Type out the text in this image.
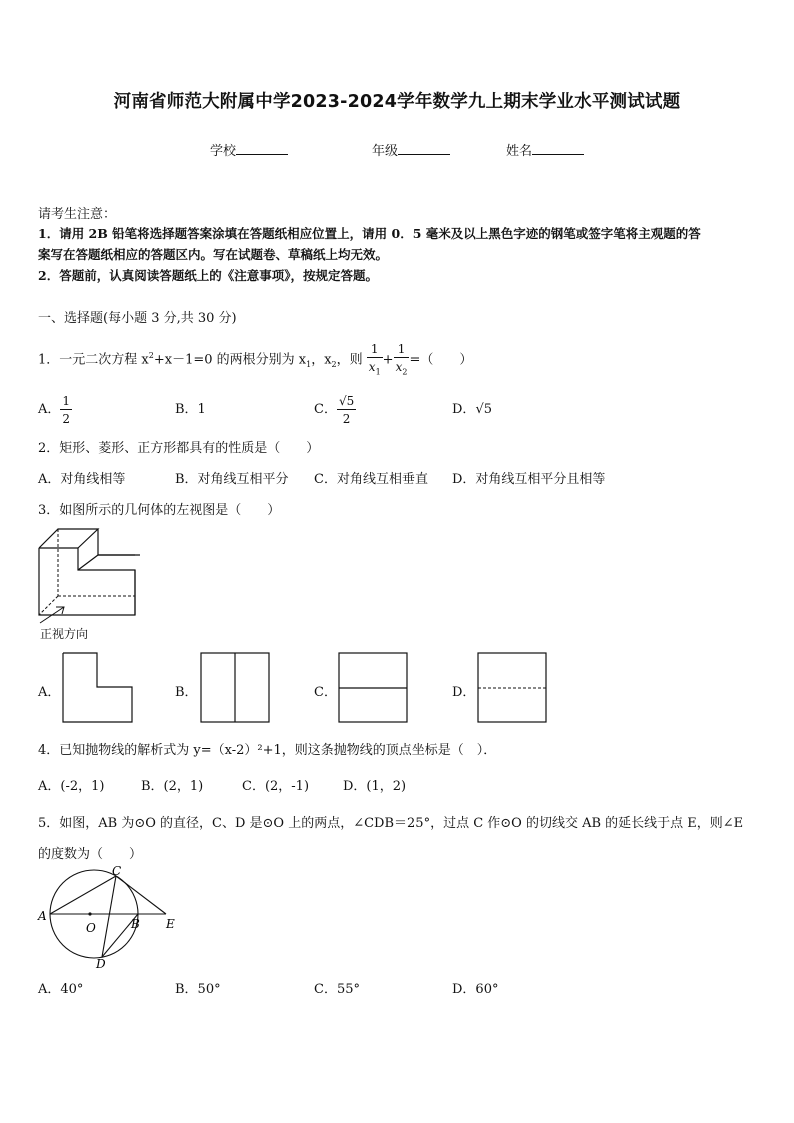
河南省师范大附属中学2023-2024学年数学九上期末学业水平测试试题
学校	年级	姓名
请考生注意：
1．请用 2B 铅笔将选择题答案涂填在答题纸相应位置上，请用 0．5 毫米及以上黑色字迹的钢笔或签字笔将主观题的答
案写在答题纸相应的答题区内。写在试题卷、草稿纸上均无效。
2．答题前，认真阅读答题纸上的《注意事项》，按规定答题。
一、选择题(每小题 3 分,共 30 分)
1．一元二次方程 $x^2+x-1=0$ 的两根分别为 $x_1$，$x_2$，则 $\frac{1}{x_1} + \frac{1}{x_2}$ =（　　）
A． $\frac{1}{2}$	B．1	C． $\frac{√5}{2}$	D．√5
2．矩形、菱形、正方形都具有的性质是（　　）
A．对角线相等	B．对角线互相平分 C．对角线互相垂直 D．对角线互相平分且相等
3．如图所示的几何体的左视图是（　　）
正视方向
A．	B．	C．	D．
4．已知抛物线的解析式为 y=（x-2）²+1，则这条抛物线的顶点坐标是（　）．
A．(-2，1)	B．(2，1)	C．(2，-1)	D．(1，2)
5．如图，AB 为⊙O 的直径，C、D 是⊙O 上的两点，∠CDB＝25°，过点 C 作⊙O 的切线交 AB 的延长线于点 E，则∠E
的度数为（　　）
A
C
O	B E
D
A．40°	B．50°	C．55°	D．60°
